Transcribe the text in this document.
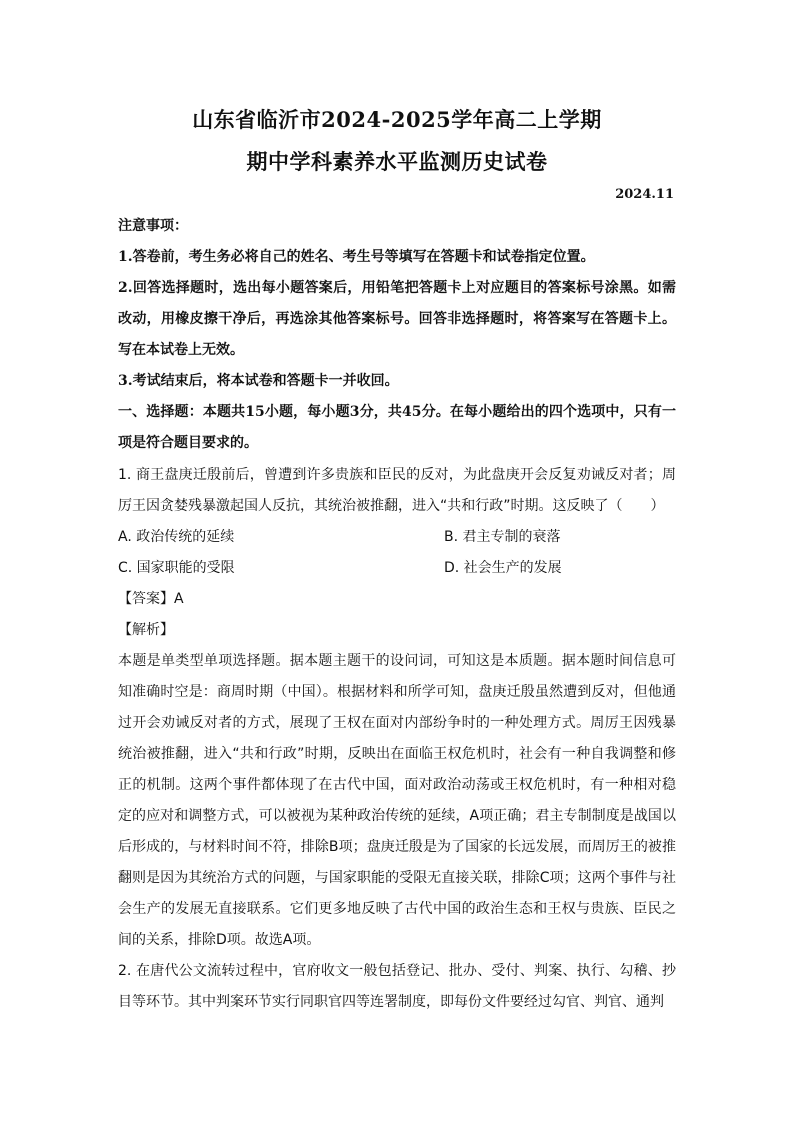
山东省临沂市2024-2025学年高二上学期
期中学科素养水平监测历史试卷
2024.11

注意事项：

1.答卷前，考生务必将自己的姓名、考生号等填写在答题卡和试卷指定位置。

2.回答选择题时，选出每小题答案后，用铅笔把答题卡上对应题目的答案标号涂黑。如需改动，用橡皮擦干净后，再选涂其他答案标号。回答非选择题时，将答案写在答题卡上。写在本试卷上无效。

3.考试结束后，将本试卷和答题卡一并收回。

一、选择题：本题共15小题，每小题3分，共45分。在每小题给出的四个选项中，只有一项是符合题目要求的。

1. 商王盘庚迁殷前后，曾遭到许多贵族和臣民的反对，为此盘庚开会反复劝诫反对者；周厉王因贪婪残暴激起国人反抗，其统治被推翻，进入“共和行政”时期。这反映了（　　）

A. 政治传统的延续	B. 君主专制的衰落
C. 国家职能的受限	D. 社会生产的发展

【答案】A

【解析】

本题是单类型单项选择题。据本题主题干的设问词，可知这是本质题。据本题时间信息可知准确时空是：商周时期（中国）。根据材料和所学可知，盘庚迁殷虽然遭到反对，但他通过开会劝诫反对者的方式，展现了王权在面对内部纷争时的一种处理方式。周厉王因残暴统治被推翻，进入“共和行政”时期，反映出在面临王权危机时，社会有一种自我调整和修正的机制。这两个事件都体现了在古代中国，面对政治动荡或王权危机时，有一种相对稳定的应对和调整方式，可以被视为某种政治传统的延续，A项正确；君主专制制度是战国以后形成的，与材料时间不符，排除B项；盘庚迁殷是为了国家的长远发展，而周厉王的被推翻则是因为其统治方式的问题，与国家职能的受限无直接关联，排除C项；这两个事件与社会生产的发展无直接联系。它们更多地反映了古代中国的政治生态和王权与贵族、臣民之间的关系，排除D项。故选A项。

2. 在唐代公文流转过程中，官府收文一般包括登记、批办、受付、判案、执行、勾稽、抄目等环节。其中判案环节实行同职官四等连署制度，即每份文件要经过勾官、判官、通判
